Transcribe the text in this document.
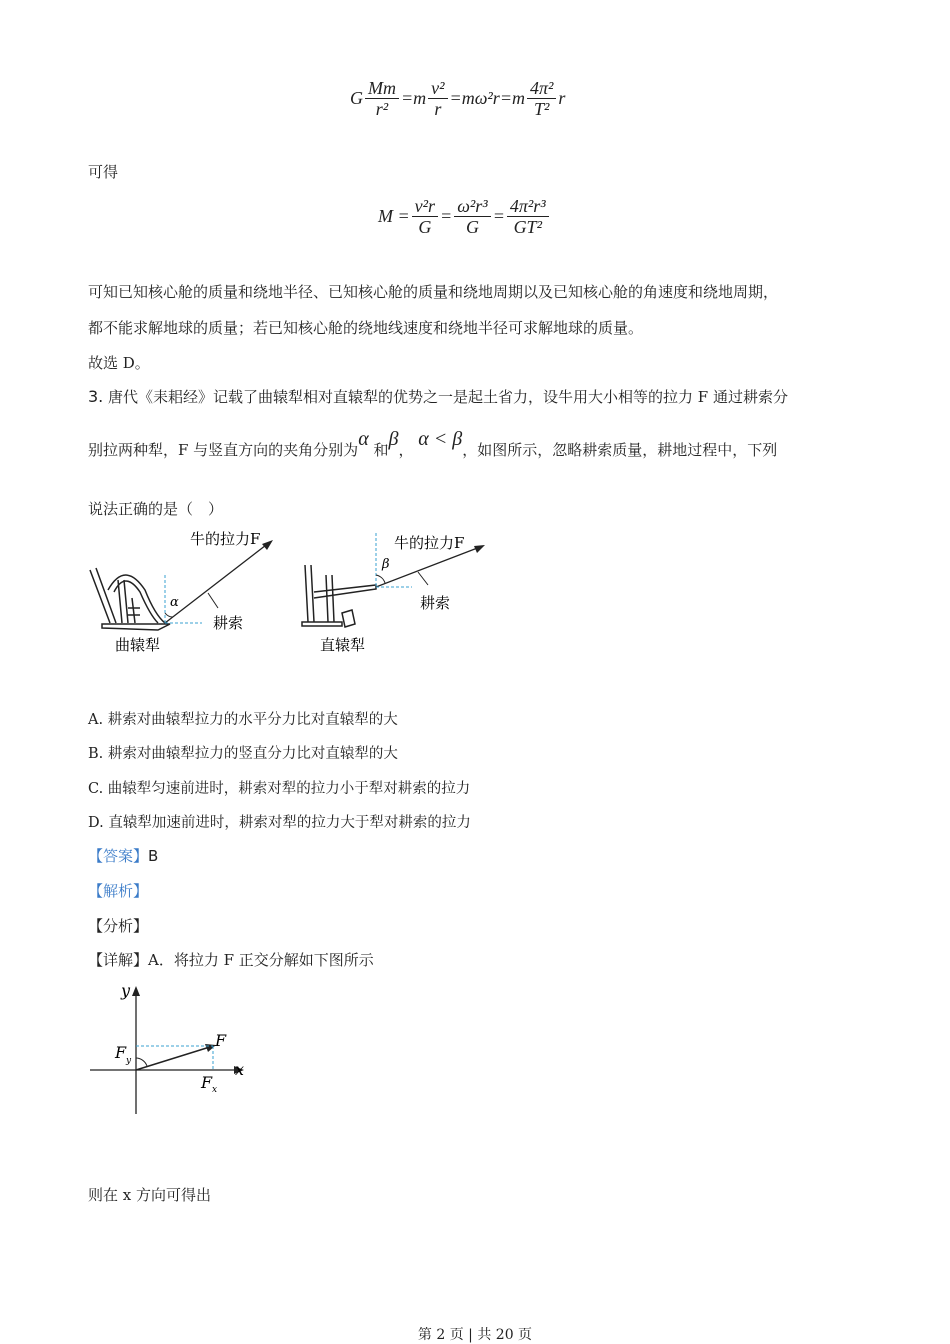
G $\frac{Mm}{\text{r²}} =m \frac{\text{v²}}{r} =m\omega^2r =m \frac{\text{4π²}}{\text{T²}}$ r
可得
$M = \frac{\text{v²r}}{G} = \frac{\text{ω²r³}}{G} = \frac{\text{4π²r³}}{\text{GT²}}$
可知已知核心舱的质量和绕地半径、已知核心舱的质量和绕地周期以及已知核心舱的角速度和绕地周期，
都不能求解地球的质量；若已知核心舱的绕地线速度和绕地半径可求解地球的质量。
故选 D。
3. 唐代《耒耜经》记载了曲辕犁相对直辕犁的优势之一是起土省力，设牛用大小相等的拉力 F 通过耕索分
别拉两种犁，F 与竖直方向的夹角分别为α 和β， α < β，如图所示，忽略耕索质量，耕地过程中，下列
说法正确的是（　）
牛的拉力F
α
耕索
曲辕犁
牛的拉力F
β
耕索
直辕犁
A. 耕索对曲辕犁拉力的水平分力比对直辕犁的大
B. 耕索对曲辕犁拉力的竖直分力比对直辕犁的大
C. 曲辕犁匀速前进时，耕索对犁的拉力小于犁对耕索的拉力
D. 直辕犁加速前进时，耕索对犁的拉力大于犁对耕索的拉力
【答案】B
【解析】
【分析】
【详解】A．将拉力 F 正交分解如下图所示
y
x
F
F y
F x
则在 x 方向可得出
第 2 页 | 共 20 页
